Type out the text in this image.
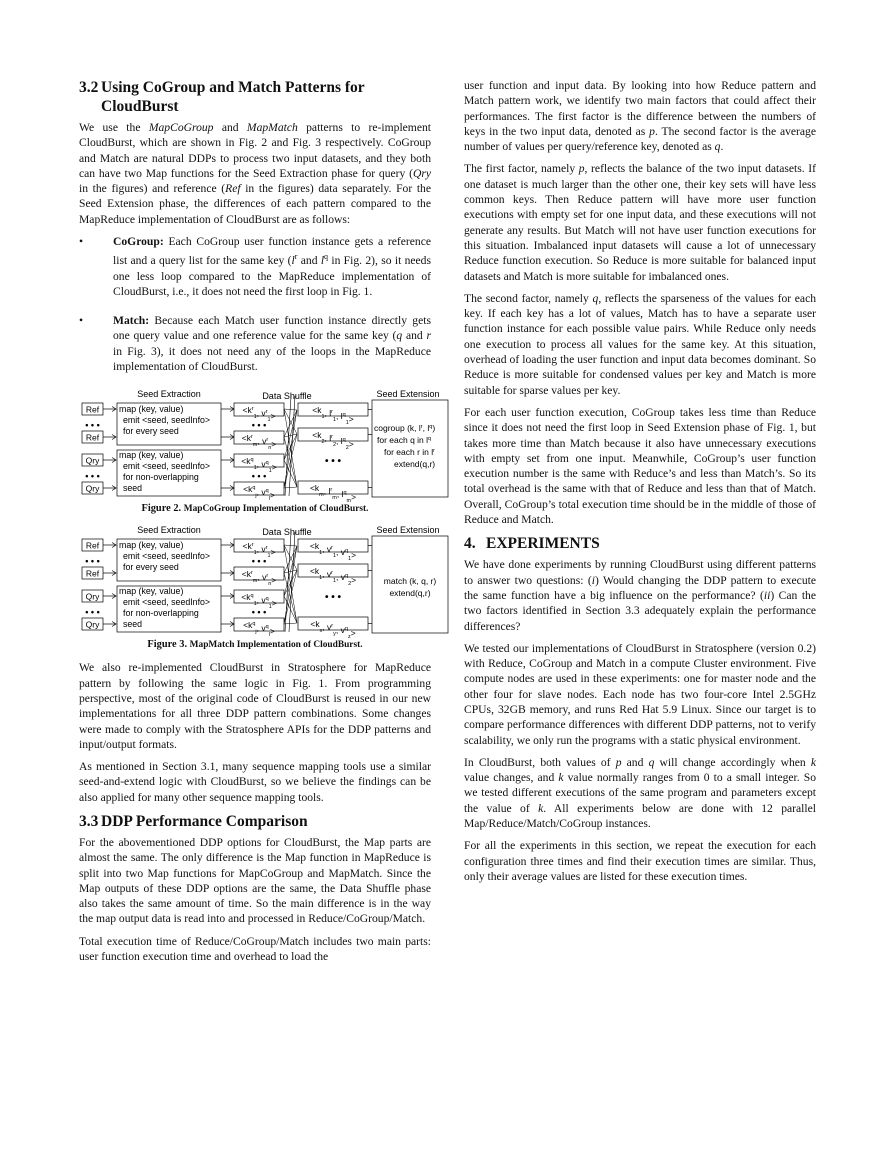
3.2 Using CoGroup and Match Patterns for
CloudBurst

We use the MapCoGroup and MapMatch patterns to re-implement CloudBurst, which are shown in Fig. 2 and Fig. 3 respectively. CoGroup and Match are natural DDPs to process two input datasets, and they both can have two Map functions for the Seed Extraction phase for query (Qry in the figures) and reference (Ref in the figures) data separately. For the Seed Extension phase, the differences of each pattern compared to the MapReduce implementation of CloudBurst are as follows:

•	CoGroup: Each CoGroup user function instance gets a reference list and a query list for the same key ($l^r$ and $l^q$ in Fig. 2), so it needs one less loop compared to the MapReduce implementation of CloudBurst, i.e., it does not need the first loop in Fig. 1.

•	Match: Because each Match user function instance directly gets one query value and one reference value for the same key (q and r in Fig. 3), it does not need any of the loops in the MapReduce implementation of CloudBurst.

Seed Extraction	Data Shuffle	Seed Extension
Ref
Ref
Qry
Qry
• • •
• • •
map (key, value)
emit <seed, seedInfo>
for every seed
map (key, value)
emit <seed, seedInfo>
for non-overlapping
seed
$<k^r_1$, $v^r_1>$
$<k^r_m$, $v^r_n>$
$<k^q_1$, $v^q_1>$
$<k^q_j$, $v^q_l>$
• • •
• • •
$<k_1$, $l^r_1$, $l^q_1>$
$<k_2$, $l^r_2$, $l^q_2>$
$<k_m$, $l^r_m$, $l^q_m>$
• • •
cogroup (k, $l^r$, $l^q$)
for each q in $l^q$
for each r in $l^r$
extend(q,r)
Figure 2. MapCoGroup Implementation of CloudBurst.
Seed Extraction	Data Shuffle	Seed Extension
Ref
Ref
Qry
Qry
• • •
• • •
map (key, value)
emit <seed, seedInfo>
for every seed
map (key, value)
emit <seed, seedInfo>
for non-overlapping
seed
$<k^r_1$, $v^r_1>$
$<k^r_m$, $v^r_n>$
$<k^q_1$, $v^q_1>$
$<k^q_j$, $v^q_l>$
• • •
• • •
$<k_1$, $v^r_1$, $v^q_1>$
$<k_1$, $v^r_1$, $v^q_2>$
$<k_x$, $v^r_y$, $v^q_z>$
• • •
match (k, q, r)
extend(q,r)
Figure 3. MapMatch Implementation of CloudBurst.

We also re-implemented CloudBurst in Stratosphere for MapReduce pattern by following the same logic in Fig. 1. From programming perspective, most of the original code of CloudBurst is reused in our new implementations for all three DDP pattern combinations. Some changes were made to comply with the Stratosphere APIs for the DDP patterns and input/output formats.

As mentioned in Section 3.1, many sequence mapping tools use a similar seed-and-extend logic with CloudBurst, so we believe the findings can be also applied for many other sequence mapping tools.

3.3 DDP Performance Comparison

For the abovementioned DDP options for CloudBurst, the Map parts are almost the same. The only difference is the Map function in MapReduce is split into two Map functions for MapCoGroup and MapMatch. Since the Map outputs of these DDP options are the same, the Data Shuffle phase also takes the same amount of time. So the main difference is in the way the map output data is read into and processed in Reduce/CoGroup/Match.

Total execution time of Reduce/CoGroup/Match includes two main parts: user function execution time and overhead to load the

user function and input data. By looking into how Reduce pattern and Match pattern work, we identify two main factors that could affect their performances. The first factor is the difference between the numbers of keys in the two input data, denoted as p. The second factor is the average number of values per query/reference key, denoted as q.

The first factor, namely p, reflects the balance of the two input datasets. If one dataset is much larger than the other one, their key sets will have less common keys. Then Reduce pattern will have more user function executions with empty set for one input data, and these executions will not generate any results. But Match will not have user function executions for this situation. Imbalanced input datasets will cause a lot of unnecessary Reduce function execution. So Reduce is more suitable for balanced input datasets and Match is more suitable for imbalanced ones.

The second factor, namely q, reflects the sparseness of the values for each key. If each key has a lot of values, Match has to have a separate user function instance for each possible value pairs. While Reduce only needs one execution to process all values for the same key. At this situation, overhead of loading the user function and input data becomes dominant. So Reduce is more suitable for condensed values per key and Match is more suitable for sparse values per key.

For each user function execution, CoGroup takes less time than Reduce since it does not need the first loop in Seed Extension phase of Fig. 1, but takes more time than Match because it also have unnecessary executions with empty set from one input. Meanwhile, CoGroup’s user function execution number is the same with Reduce’s and less than Match’s. So its total overhead is the same with that of Reduce and less than that of Match. Overall, CoGroup’s total execution time should be in the middle of those of Reduce and Match.

4. EXPERIMENTS

We have done experiments by running CloudBurst using different patterns to answer two questions: (i) Would changing the DDP pattern to execute the same function have a big influence on the performance? (ii) Can the two factors identified in Section 3.3 adequately explain the performance differences?

We tested our implementations of CloudBurst in Stratosphere (version 0.2) with Reduce, CoGroup and Match in a compute Cluster environment. Five compute nodes are used in these experiments: one for master node and the other four for slave nodes. Each node has two four-core Intel 2.5GHz CPUs, 32GB memory, and runs Red Hat 5.9 Linux. Since our target is to compare performance differences with different DDP patterns, not to verify scalability, we only run the programs with a static physical environment.

In CloudBurst, both values of p and q will change accordingly when k value changes, and k value normally ranges from 0 to a small integer. So we tested different executions of the same program and parameters except the value of k. All experiments below are done with 12 parallel Map/Reduce/Match/CoGroup instances.

For all the experiments in this section, we repeat the execution for each configuration three times and find their execution times are similar. Thus, only their average values are listed for these execution times.
